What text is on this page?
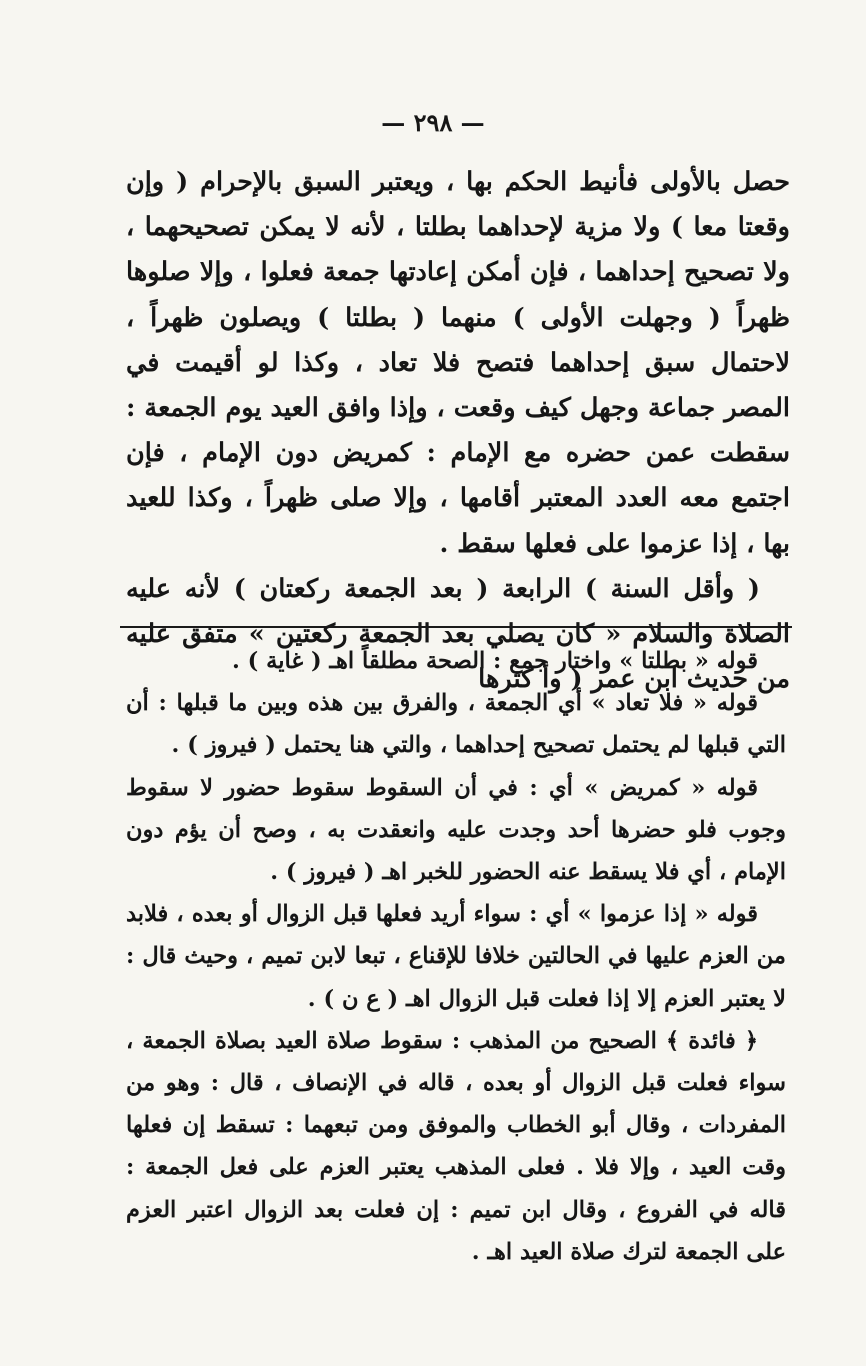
— ٢٩٨ —

حصل بالأولى فأنيط الحكم بها ، ويعتبر السبق بالإحرام ( وإن وقعتا معا ) ولا مزية لإحداهما بطلتا ، لأنه لا يمكن تصحيحهما ، ولا تصحيح إحداهما ، فإن أمكن إعادتها جمعة فعلوا ، وإلا صلوها ظهراً ( وجهلت الأولى ) منهما ( بطلتا ) ويصلون ظهراً ، لاحتمال سبق إحداهما فتصح فلا تعاد ، وكذا لو أقيمت في المصر جماعة وجهل كيف وقعت ، وإذا وافق العيد يوم الجمعة : سقطت عمن حضره مع الإمام : كمريض دون الإمام ، فإن اجتمع معه العدد المعتبر أقامها ، وإلا صلى ظهراً ، وكذا للعيد بها ، إذا عزموا على فعلها سقط .

( وأقل السنة ) الرابعة ( بعد الجمعة ركعتان ) لأنه عليه الصلاة والسلام « كان يصلي بعد الجمعة ركعتين » متفق عليه من حديث ابن عمر ( وأ كثرها

قوله « بطلتا » واختار جمع : الصحة مطلقاً اهـ ( غاية ) .

قوله « فلا تعاد » أي الجمعة ، والفرق بين هذه وبين ما قبلها : أن التي قبلها لم يحتمل تصحيح إحداهما ، والتي هنا يحتمل ( فيروز ) .

قوله « كمريض » أي : في أن السقوط سقوط حضور لا سقوط وجوب فلو حضرها أحد وجدت عليه وانعقدت به ، وصح أن يؤم دون الإمام ، أي فلا يسقط عنه الحضور للخبر اهـ ( فيروز ) .

قوله « إذا عزموا » أي : سواء أريد فعلها قبل الزوال أو بعده ، فلابد من العزم عليها في الحالتين خلافا للإقناع ، تبعا لابن تميم ، وحيث قال : لا يعتبر العزم إلا إذا فعلت قبل الزوال اهـ ( ع ن ) .

﴿ فائدة ﴾ الصحيح من المذهب : سقوط صلاة العيد بصلاة الجمعة ، سواء فعلت قبل الزوال أو بعده ، قاله في الإنصاف ، قال : وهو من المفردات ، وقال أبو الخطاب والموفق ومن تبعهما : تسقط إن فعلها وقت العيد ، وإلا فلا . فعلى المذهب يعتبر العزم على فعل الجمعة : قاله في الفروع ، وقال ابن تميم : إن فعلت بعد الزوال اعتبر العزم على الجمعة لترك صلاة العيد اهـ .
